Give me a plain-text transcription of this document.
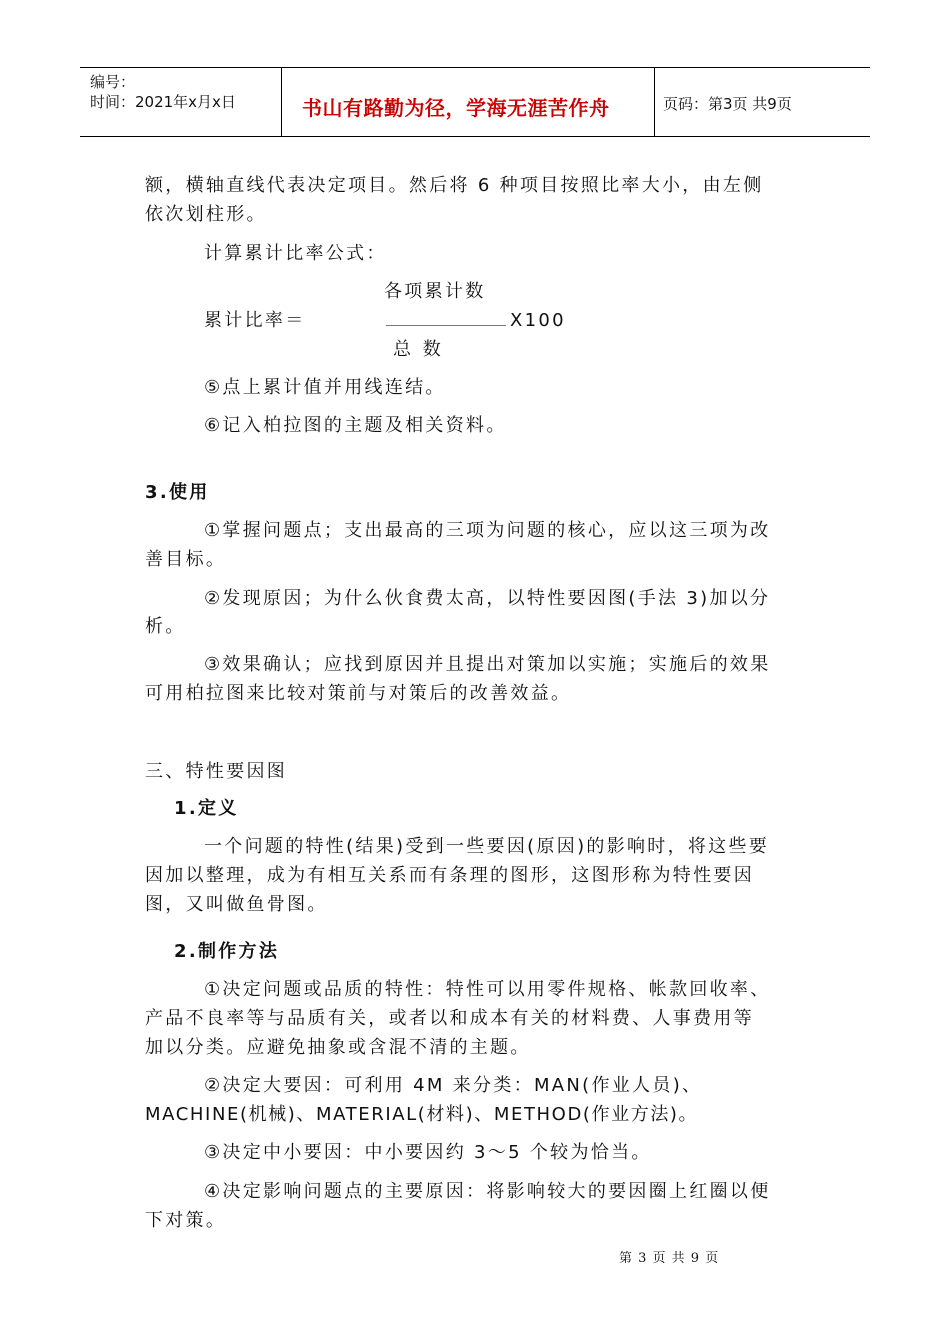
编号：
时间：2021年x月x日	书山有路勤为径，学海无涯苦作舟	页码：第3页 共9页
额，横轴直线代表决定项目。然后将 6 种项目按照比率大小，由左侧
依次划柱形。
计算累计比率公式：
各项累计数
累计比率＝	X100
总 数
⑤点上累计值并用线连结。
⑥记入柏拉图的主题及相关资料。
3.使用
①掌握问题点；支出最高的三项为问题的核心，应以这三项为改
善目标。
②发现原因；为什么伙食费太高，以特性要因图(手法 3)加以分
析。
③效果确认；应找到原因并且提出对策加以实施；实施后的效果
可用柏拉图来比较对策前与对策后的改善效益。
三、特性要因图
1.定义
一个问题的特性(结果)受到一些要因(原因)的影响时，将这些要
因加以整理，成为有相互关系而有条理的图形，这图形称为特性要因
图，又叫做鱼骨图。
2.制作方法
①决定问题或品质的特性：特性可以用零件规格、帐款回收率、
产品不良率等与品质有关，或者以和成本有关的材料费、人事费用等
加以分类。应避免抽象或含混不清的主题。
②决定大要因：可利用 4M 来分类：MAN(作业人员)、
MACHINE(机械)、MATERIAL(材料)、METHOD(作业方法)。
③决定中小要因：中小要因约 3～5 个较为恰当。
④决定影响问题点的主要原因：将影响较大的要因圈上红圈以便
下对策。
第 3 页 共 9 页
